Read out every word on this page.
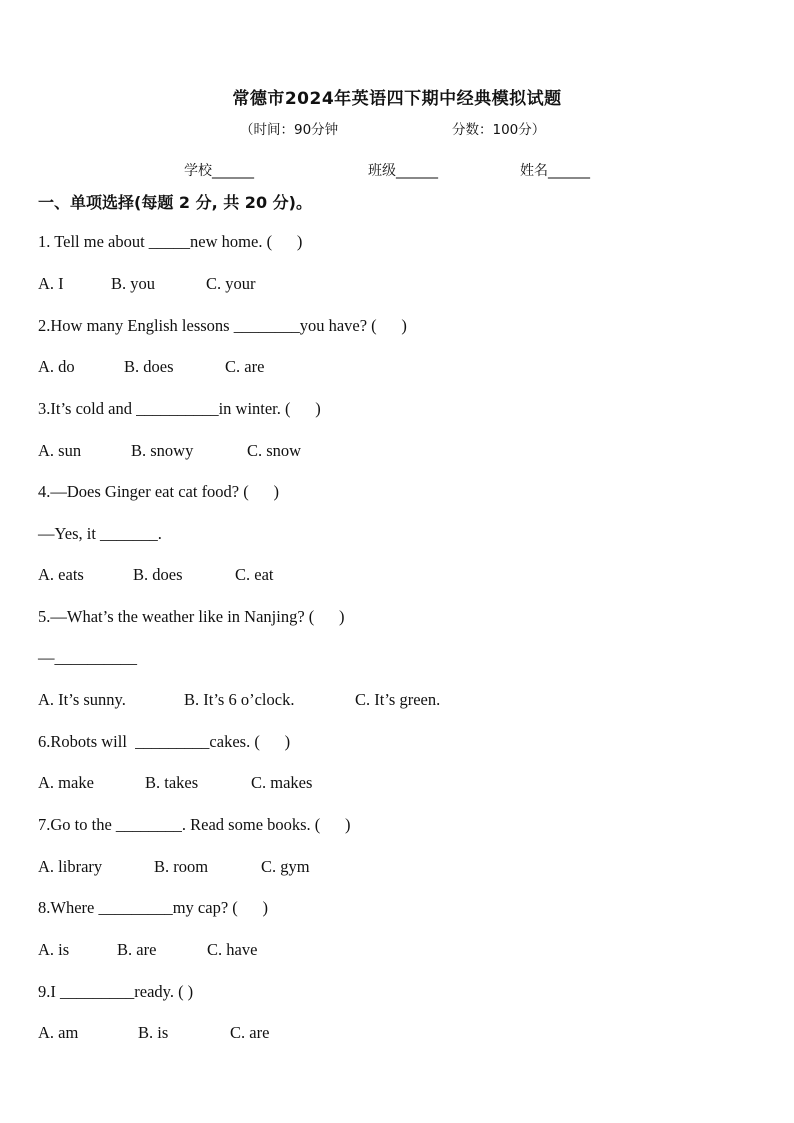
常德市2024年英语四下期中经典模拟试题
（时间：90分钟	分数：100分）
学校______	班级______	姓名______
一、单项选择(每题 2 分, 共 20 分)。
1. Tell me about _____new home. (      )
A. I	B. you	C. your
2.How many English lessons ________you have? (      )
A. do	B. does	C. are
3.It’s cold and __________in winter. (      )
A. sun	B. snowy	C. snow
4.—Does Ginger eat cat food? (      )
—Yes, it _______.
A. eats	B. does	C. eat
5.—What’s the weather like in Nanjing? (      )
—__________
A. It’s sunny.	B. It’s 6 o’clock.	C. It’s green.
6.Robots will  _________cakes. (      )
A. make	B. takes	C. makes
7.Go to the ________. Read some books. (      )
A. library	B. room	C. gym
8.Where _________my cap? (      )
A. is	B. are	C. have
9.I _________ready. ( )
A. am	B. is	C. are
